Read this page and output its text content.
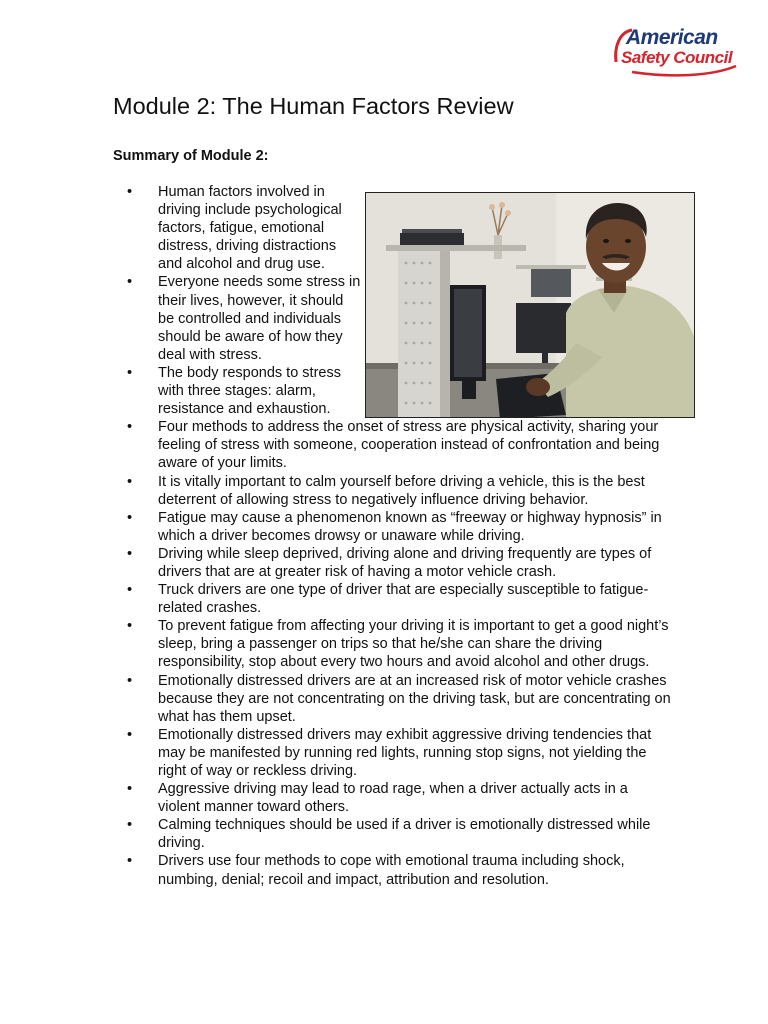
American
Safety Council
Module 2: The Human Factors Review
Summary of Module 2:
• Human factors involved in driving include psychological factors, fatigue, emotional distress, driving distractions and alcohol and drug use.
• Everyone needs some stress in their lives, however, it should be controlled and individuals should be aware of how they deal with stress.
• The body responds to stress with three stages: alarm, resistance and exhaustion.
• Four methods to address the onset of stress are physical activity, sharing your feeling of stress with someone, cooperation instead of confrontation and being aware of your limits.
• It is vitally important to calm yourself before driving a vehicle, this is the best deterrent of allowing stress to negatively influence driving behavior.
• Fatigue may cause a phenomenon known as “freeway or highway hypnosis” in which a driver becomes drowsy or unaware while driving.
• Driving while sleep deprived, driving alone and driving frequently are types of drivers that are at greater risk of having a motor vehicle crash.
• Truck drivers are one type of driver that are especially susceptible to fatigue-related crashes.
• To prevent fatigue from affecting your driving it is important to get a good night’s sleep, bring a passenger on trips so that he/she can share the driving responsibility, stop about every two hours and avoid alcohol and other drugs.
• Emotionally distressed drivers are at an increased risk of motor vehicle crashes because they are not concentrating on the driving task, but are concentrating on what has them upset.
• Emotionally distressed drivers may exhibit aggressive driving tendencies that may be manifested by running red lights, running stop signs, not yielding the right of way or reckless driving.
• Aggressive driving may lead to road rage, when a driver actually acts in a violent manner toward others.
• Calming techniques should be used if a driver is emotionally distressed while driving.
• Drivers use four methods to cope with emotional trauma including shock, numbing, denial; recoil and impact, attribution and resolution.
